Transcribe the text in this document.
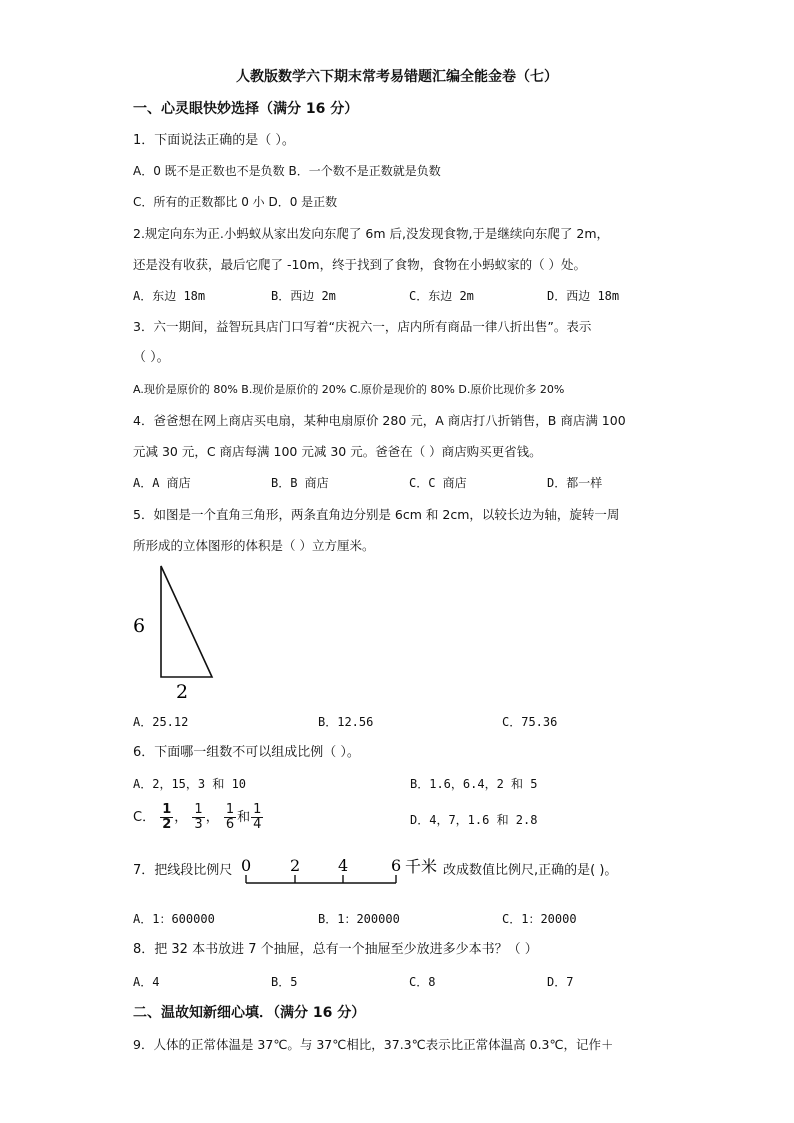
人教版数学六下期末常考易错题汇编全能金卷（七）
一、心灵眼快妙选择（满分 16 分）
1．下面说法正确的是（ ）。
A．0 既不是正数也不是负数 B．一个数不是正数就是负数
C．所有的正数都比 0 小 D．0 是正数
2.规定向东为正.小蚂蚁从家出发向东爬了 6m 后,没发现食物,于是继续向东爬了 2m，
还是没有收获，最后它爬了 -10m，终于找到了食物，食物在小蚂蚁家的（ ）处。
A．东边 18m	B．西边 2m	C．东边 2m	D．西边 18m
3．六一期间，益智玩具店门口写着“庆祝六一，店内所有商品一律八折出售”。表示
（ ）。
A.现价是原价的 80% B.现价是原价的 20% C.原价是现价的 80% D.原价比现价多 20%
4．爸爸想在网上商店买电扇，某种电扇原价 280 元，A 商店打八折销售，B 商店满 100
元减 30 元，C 商店每满 100 元减 30 元。爸爸在（ ）商店购买更省钱。
A．A 商店	B．B 商店	C．C 商店	D．都一样
5．如图是一个直角三角形，两条直角边分别是 6cm 和 2cm，以较长边为轴，旋转一周
所形成的立体图形的体积是（ ）立方厘米。
6
2
A．25.12	B．12.56	C．75.36
6．下面哪一组数不可以组成比例（ ）。
A．2，15，3 和 10	B．1.6，6.4，2 和 5
C． $\frac{1}{2}$ ， $\frac{1}{3}$ ， $\frac{1}{6}$ 和 $\frac{1}{4}$	D．4，7，1.6 和 2.8
7．把线段比例尺 0 2 4	6 千米 改成数值比例尺,正确的是( )。
A．1：600000	B．1：200000	C．1：20000
8．把 32 本书放进 7 个抽屉，总有一个抽屉至少放进多少本书？（ ）
A．4	B．5	C．8	D．7
二、温故知新细心填．（满分 16 分）
9．人体的正常体温是 37℃。与 37℃相比，37.3℃表示比正常体温高 0.3℃，记作＋
